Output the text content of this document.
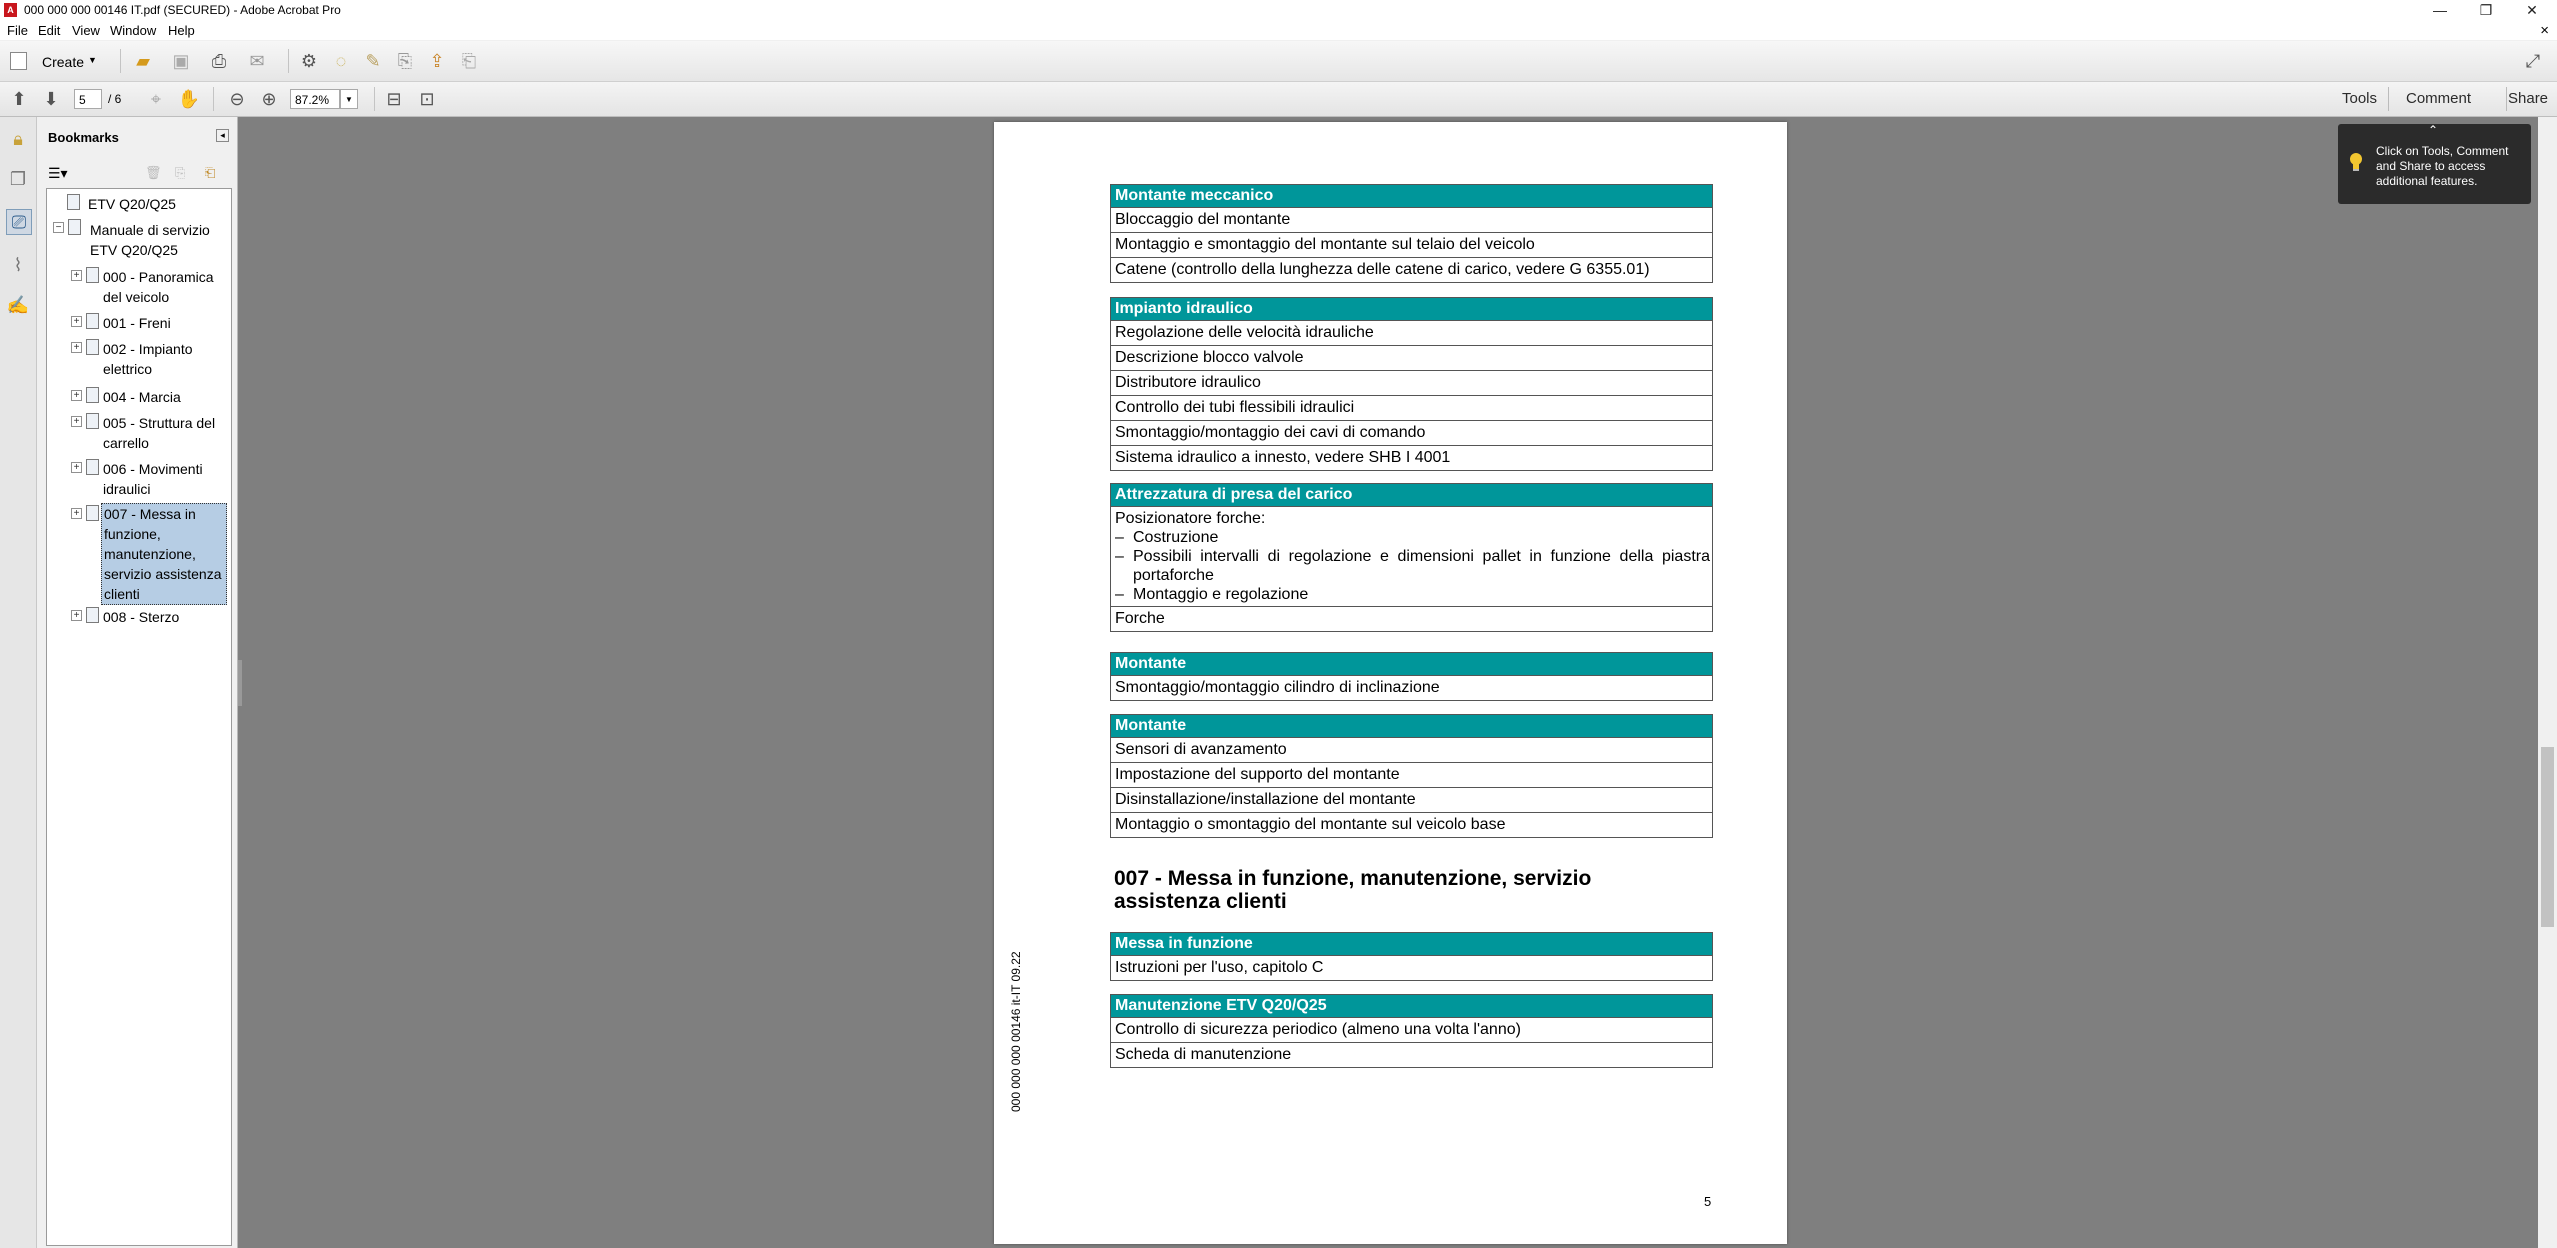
A 000 000 000 00146 IT.pdf (SECURED) - Adobe Acrobat Pro	—	❐	✕
File Edit View Window Help	×
Create ▼	▰	▣	⎙	✉	⚙	◌	✎ ⎘ ⇪ ⎗	⤢
⬆ ⬇	5	/ 6	⌖ ✋	⊖ ⊕	87.2%	▼	⊟ ⊡	Tools Comment Share
🔒︎
❐
⎚
⌇
✍
Bookmarks	◂
☰▾	🗑︎ ⎘ ⎗
ETV Q20/Q25
− Manuale di servizio ETV Q20/Q25
+ 000 - Panoramica del veicolo
+ 001 - Freni
+ 002 - Impianto elettrico
+ 004 - Marcia
+ 005 - Struttura del carrello
+ 006 - Movimenti idraulici
+ 007 - Messa in funzione, manutenzione, servizio assistenza clienti
+ 008 - Sterzo
Montante meccanico
Bloccaggio del montante
Montaggio e smontaggio del montante sul telaio del veicolo
Catene (controllo della lunghezza delle catene di carico, vedere G 6355.01)
Impianto idraulico
Regolazione delle velocità idrauliche
Descrizione blocco valvole
Distributore idraulico
Controllo dei tubi flessibili idraulici
Smontaggio/montaggio dei cavi di comando
Sistema idraulico a innesto, vedere SHB I 4001
Attrezzatura di presa del carico
Posizionatore forche:
– Costruzione
– Possibili intervalli di regolazione e dimensioni pallet in funzione della piastra portaforche
– Montaggio e regolazione
Forche
Montante
Smontaggio/montaggio cilindro di inclinazione
Montante
Sensori di avanzamento
Impostazione del supporto del montante
Disinstallazione/installazione del montante
Montaggio o smontaggio del montante sul veicolo base
007 - Messa in funzione, manutenzione, servizio assistenza clienti
Messa in funzione
Istruzioni per l'uso, capitolo C
Manutenzione ETV Q20/Q25
Controllo di sicurezza periodico (almeno una volta l'anno)
Scheda di manutenzione
000 000 000 00146 it-IT 09.22
5
⌃
Click on Tools, Comment and Share to access additional features.
